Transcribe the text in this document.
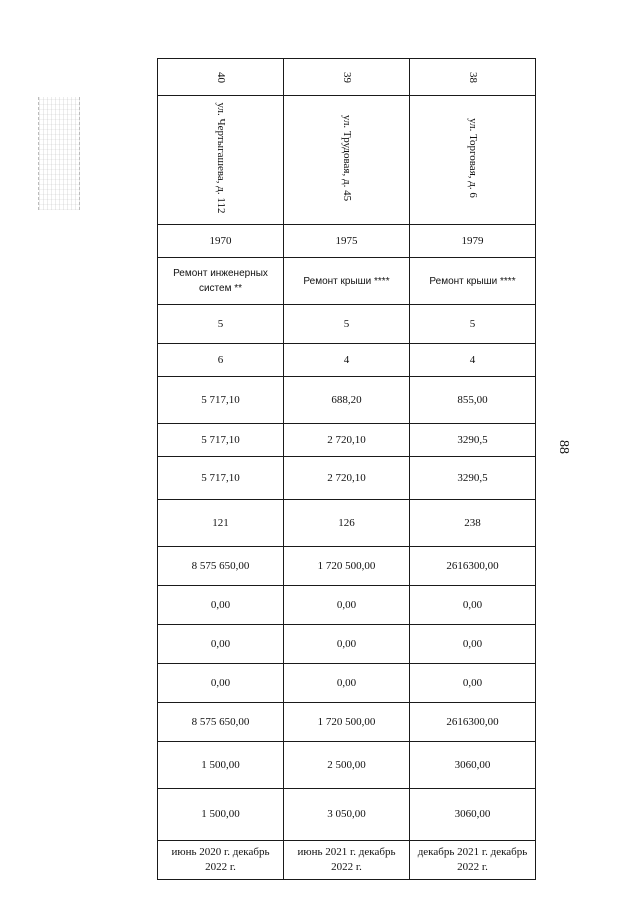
88
40	39	38

ул. Чертыгашева, д. 112	ул. Трудовая, д. 45	ул. Торговая, д. 6

1970	1975	1979
Ремонт инженерных систем **	Ремонт крыши ****	Ремонт крыши ****
5	5	5
6	4	4
5 717,10	688,20	855,00
5 717,10	2 720,10	3290,5
5 717,10	2 720,10	3290,5
121	126	238
8 575 650,00	1 720 500,00	2616300,00
0,00	0,00	0,00
0,00	0,00	0,00
0,00	0,00	0,00
8 575 650,00	1 720 500,00	2616300,00
1 500,00	2 500,00	3060,00
1 500,00	3 050,00	3060,00
июнь 2020 г. декабрь 2022 г.	июнь 2021 г. декабрь 2022 г.	декабрь 2021 г. декабрь 2022 г.
